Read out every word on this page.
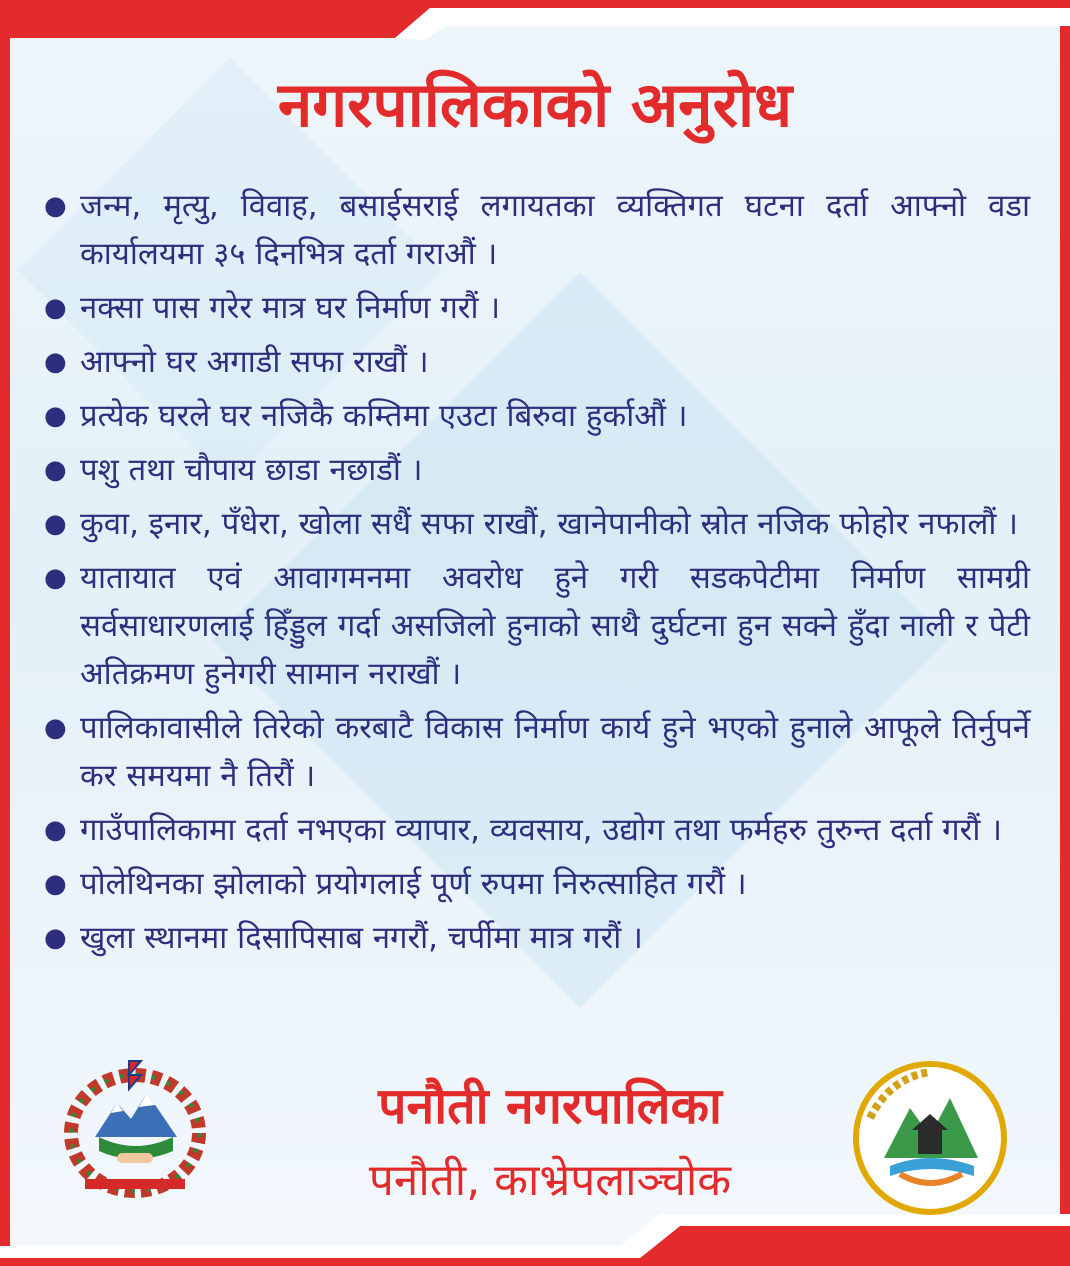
नगरपालिकाको अनुरोध
● जन्म, मृत्यु, विवाह, बसाईसराई लगायतका व्यक्तिगत घटना दर्ता आफ्नो वडा कार्यालयमा ३५ दिनभित्र दर्ता गराऔं ।
● नक्सा पास गरेर मात्र घर निर्माण गरौं ।
● आफ्नो घर अगाडी सफा राखौं ।
● प्रत्येक घरले घर नजिकै कम्तिमा एउटा बिरुवा हुर्काऔं ।
● पशु तथा चौपाय छाडा नछाडौं ।
● कुवा, इनार, पँधेरा, खोला सधैं सफा राखौं, खानेपानीको स्रोत नजिक फोहोर नफालौं ।
● यातायात एवं आवागमनमा अवरोध हुने गरी सडकपेटीमा निर्माण सामग्री सर्वसाधारणलाई हिँड्डुल गर्दा असजिलो हुनाको साथै दुर्घटना हुन सक्ने हुँदा नाली र पेटी अतिक्रमण हुनेगरी सामान नराखौं ।
● पालिकावासीले तिरेको करबाटै विकास निर्माण कार्य हुने भएको हुनाले आफूले तिर्नुपर्ने कर समयमा नै तिरौं ।
● गाउँपालिकामा दर्ता नभएका व्यापार, व्यवसाय, उद्योग तथा फर्महरु तुरुन्त दर्ता गरौं ।
● पोलेथिनका झोलाको प्रयोगलाई पूर्ण रुपमा निरुत्साहित गरौं ।
● खुला स्थानमा दिसापिसाब नगरौं, चर्पीमा मात्र गरौं ।
पनौती नगरपालिका
पनौती, काभ्रेपलाञ्चोक
